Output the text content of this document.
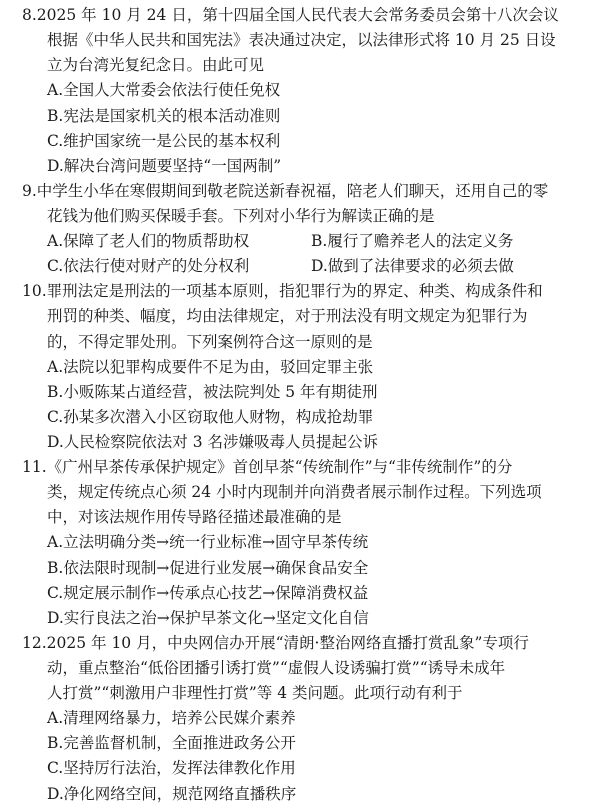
8.2025 年 10 月 24 日，第十四届全国人民代表大会常务委员会第十八次会议
根据《中华人民共和国宪法》表决通过决定，以法律形式将 10 月 25 日设
立为台湾光复纪念日。由此可见
A.全国人大常委会依法行使任免权
B.宪法是国家机关的根本活动准则
C.维护国家统一是公民的基本权利
D.解决台湾问题要坚持“一国两制”
9.中学生小华在寒假期间到敬老院送新春祝福，陪老人们聊天，还用自己的零
花钱为他们购买保暖手套。下列对小华行为解读正确的是
A.保障了老人们的物质帮助权	B.履行了赡养老人的法定义务
C.依法行使对财产的处分权利	D.做到了法律要求的必须去做
10.罪刑法定是刑法的一项基本原则，指犯罪行为的界定、种类、构成条件和
刑罚的种类、幅度，均由法律规定，对于刑法没有明文规定为犯罪行为
的，不得定罪处刑。下列案例符合这一原则的是
A.法院以犯罪构成要件不足为由，驳回定罪主张
B.小贩陈某占道经营，被法院判处 5 年有期徒刑
C.孙某多次潜入小区窃取他人财物，构成抢劫罪
D.人民检察院依法对 3 名涉嫌吸毒人员提起公诉
11.《广州早茶传承保护规定》首创早茶“传统制作”与“非传统制作”的分
类，规定传统点心须 24 小时内现制并向消费者展示制作过程。下列选项
中，对该法规作用传导路径描述最准确的是
A.立法明确分类→统一行业标准→固守早茶传统
B.依法限时现制→促进行业发展→确保食品安全
C.规定展示制作→传承点心技艺→保障消费权益
D.实行良法之治→保护早茶文化→坚定文化自信
12.2025 年 10 月，中央网信办开展“清朗·整治网络直播打赏乱象”专项行
动，重点整治“低俗团播引诱打赏”“虚假人设诱骗打赏”“诱导未成年
人打赏”“刺激用户非理性打赏”等 4 类问题。此项行动有利于
A.清理网络暴力，培养公民媒介素养
B.完善监督机制，全面推进政务公开
C.坚持厉行法治，发挥法律教化作用
D.净化网络空间，规范网络直播秩序
